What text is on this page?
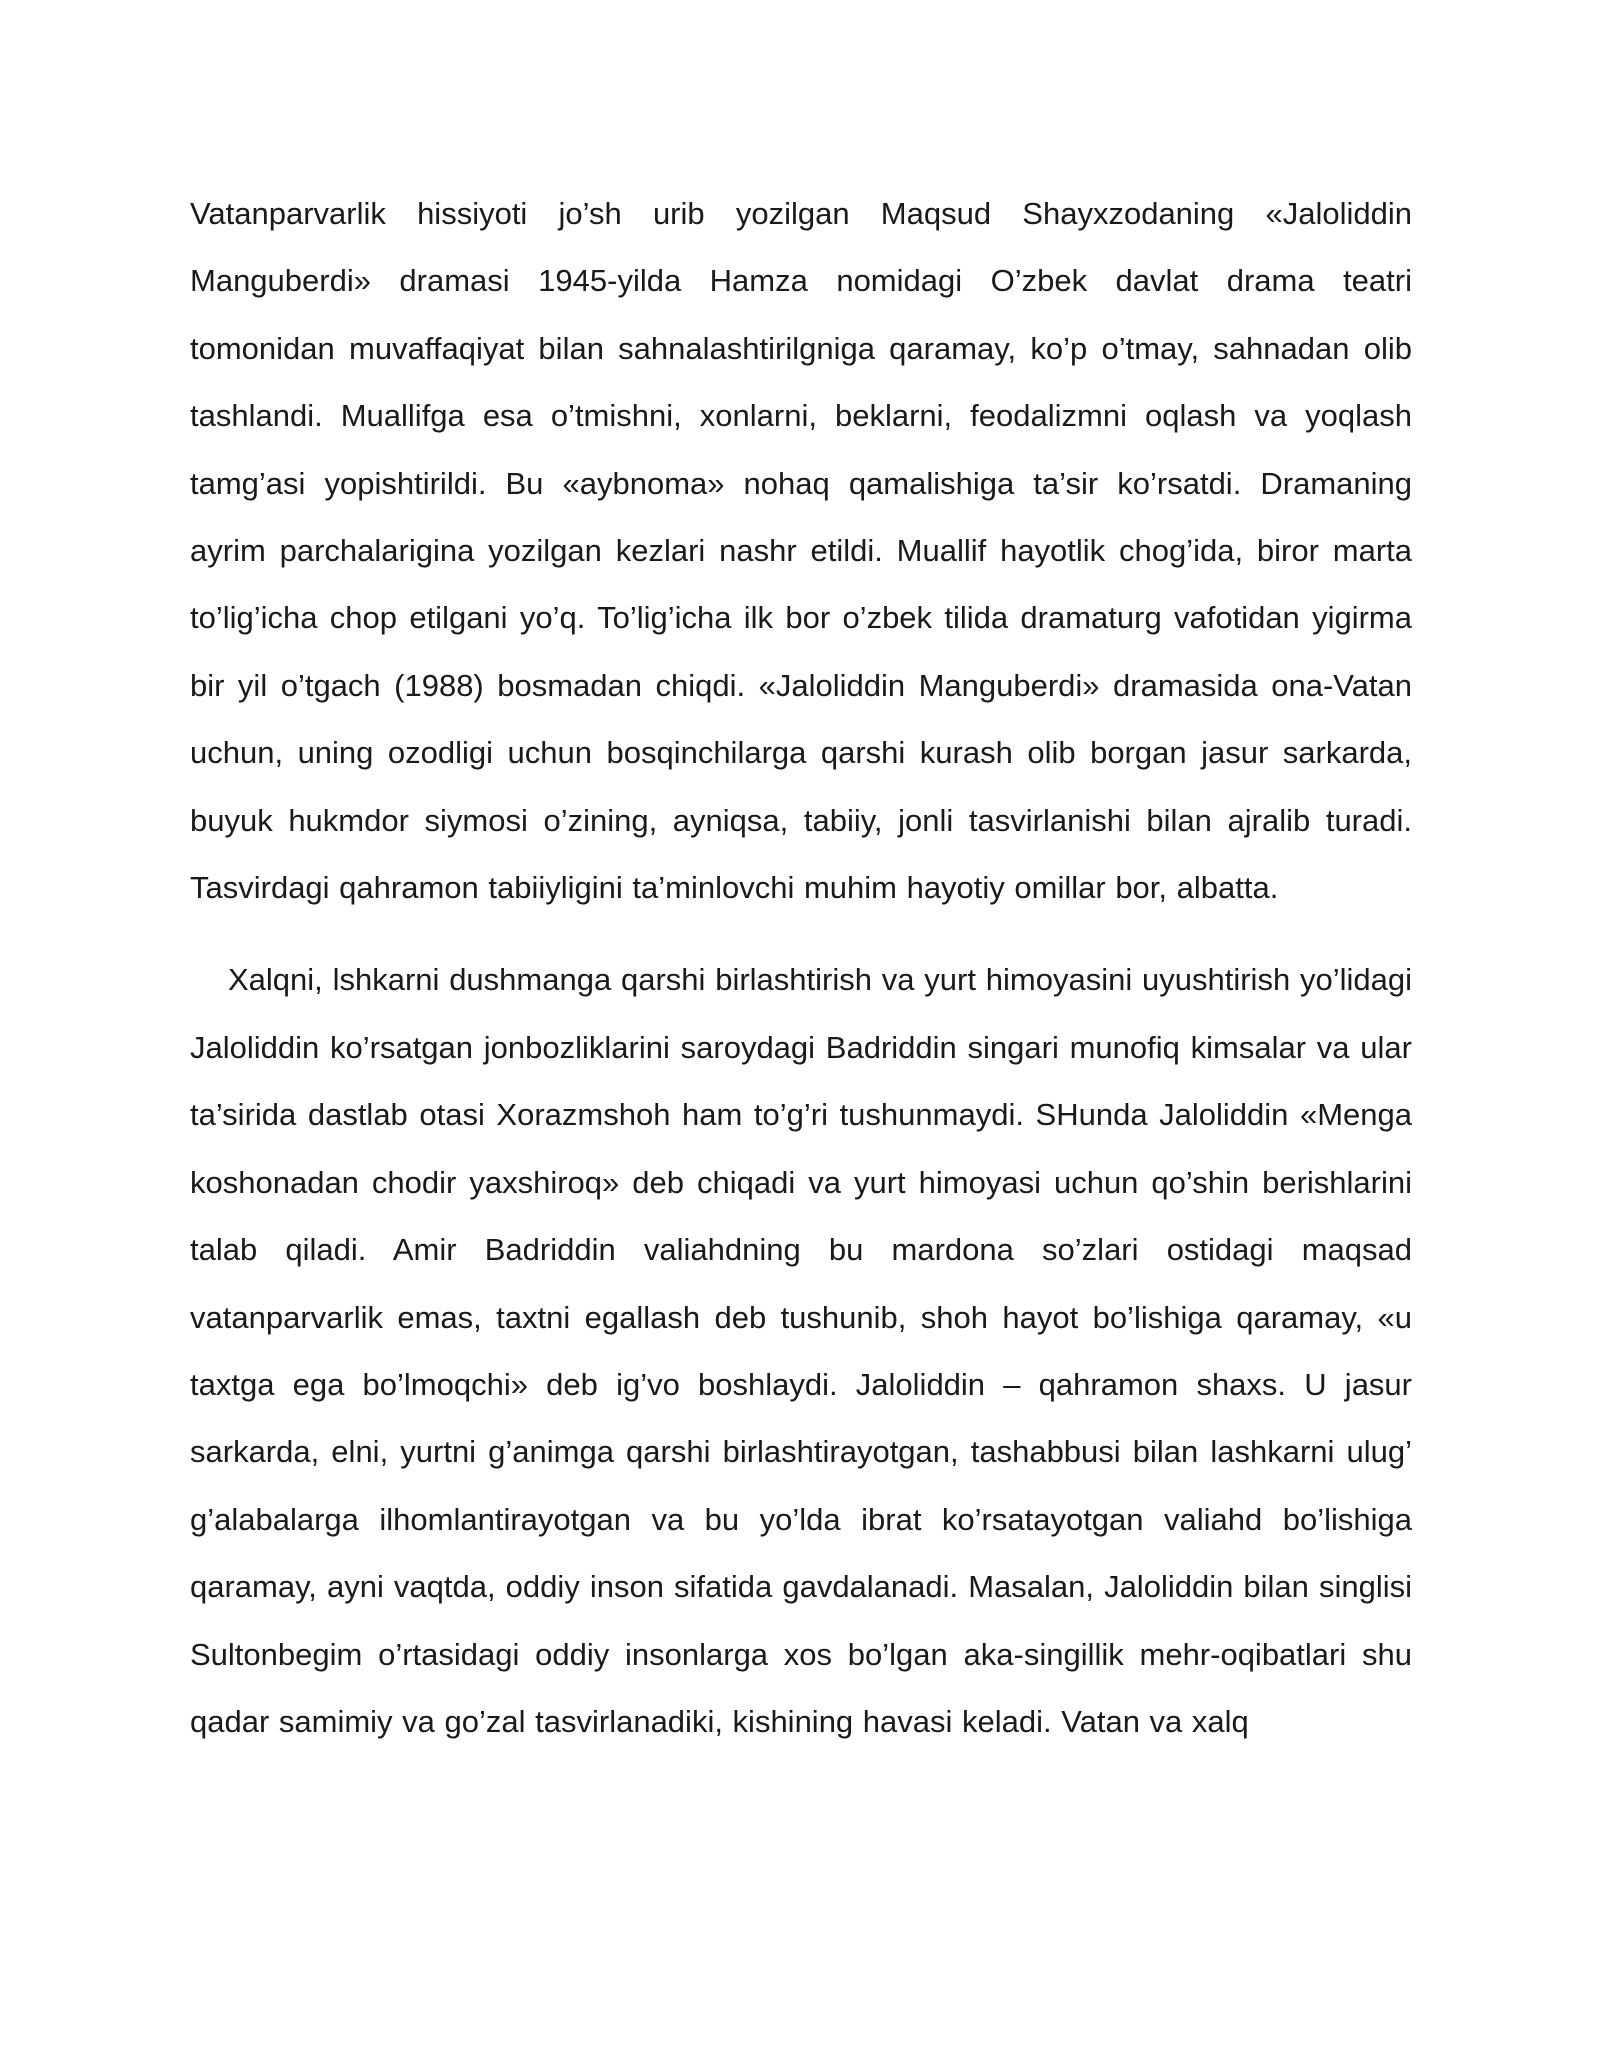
Vatanparvarlik hissiyoti jo’sh urib yozilgan Maqsud Shayxzodaning «Jaloliddin Manguberdi» dramasi 1945-yilda Hamza nomidagi O’zbek davlat drama teatri tomonidan muvaffaqiyat bilan sahnalashtirilgniga qaramay, ko’p o’tmay, sahnadan olib tashlandi. Muallifga esa o’tmishni, xonlarni, beklarni, feodalizmni oqlash va yoqlash tamg’asi yopishtirildi. Bu «aybnoma» nohaq qamalishiga ta’sir ko’rsatdi. Dramaning ayrim parchalarigina yozilgan kezlari nashr etildi. Muallif hayotlik chog’ida, biror marta to’lig’icha chop etilgani yo’q. To’lig’icha ilk bor o’zbek tilida dramaturg vafotidan yigirma bir yil o’tgach (1988) bosmadan chiqdi. «Jaloliddin Manguberdi» dramasida ona-Vatan uchun, uning ozodligi uchun bosqinchilarga qarshi kurash olib borgan jasur sarkarda, buyuk hukmdor siymosi o’zining, ayniqsa, tabiiy, jonli tasvirlanishi bilan ajralib turadi. Tasvirdagi qahramon tabiiyligini ta’minlovchi muhim hayotiy omillar bor, albatta.

Xalqni, lshkarni dushmanga qarshi birlashtirish va yurt himoyasini uyushtirish yo’lidagi Jaloliddin ko’rsatgan jonbozliklarini saroydagi Badriddin singari munofiq kimsalar va ular ta’sirida dastlab otasi Xorazmshoh ham to’g’ri tushunmaydi. SHunda Jaloliddin «Menga koshonadan chodir yaxshiroq» deb chiqadi va yurt himoyasi uchun qo’shin berishlarini talab qiladi. Amir Badriddin valiahdning bu mardona so’zlari ostidagi maqsad vatanparvarlik emas, taxtni egallash deb tushunib, shoh hayot bo’lishiga qaramay, «u taxtga ega bo’lmoqchi» deb ig’vo boshlaydi. Jaloliddin – qahramon shaxs. U jasur sarkarda, elni, yurtni g’animga qarshi birlashtirayotgan, tashabbusi bilan lashkarni ulug’ g’alabalarga ilhomlantirayotgan va bu yo’lda ibrat ko’rsatayotgan valiahd bo’lishiga qaramay, ayni vaqtda, oddiy inson sifatida gavdalanadi. Masalan, Jaloliddin bilan singlisi Sultonbegim o’rtasidagi oddiy insonlarga xos bo’lgan aka-singillik mehr-oqibatlari shu qadar samimiy va go’zal tasvirlanadiki, kishining havasi keladi. Vatan va xalq
